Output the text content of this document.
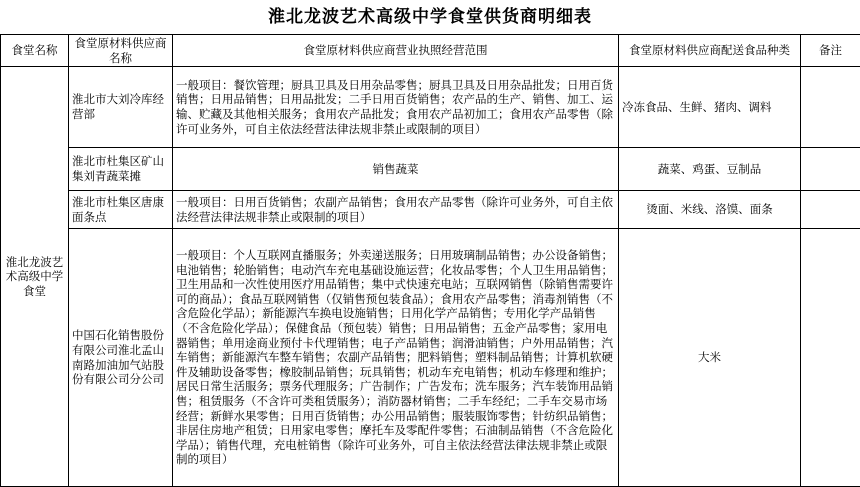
淮北龙波艺术高级中学食堂供货商明细表
食堂名称	食堂原材料供应商名称	食堂原材料供应商营业执照经营范围	食堂原材料供应商配送食品种类	备注
淮北龙波艺术高级中学食堂	淮北市大刘冷库经营部	一般项目：餐饮管理；厨具卫具及日用杂品零售；厨具卫具及日用杂品批发；日用百货销售；日用品销售；日用品批发；二手日用百货销售；农产品的生产、销售、加工、运输、贮藏及其他相关服务；食用农产品批发；食用农产品初加工；食用农产品零售（除许可业务外，可自主依法经营法律法规非禁止或限制的项目）	冷冻食品、生鲜、猪肉、调料	
	淮北市杜集区矿山集刘青蔬菜摊	销售蔬菜	蔬菜、鸡蛋、豆制品	
	淮北市杜集区唐康面条点	一般项目：日用百货销售；农副产品销售；食用农产品零售（除许可业务外，可自主依法经营法律法规非禁止或限制的项目）	烫面、米线、洛馍、面条	
	中国石化销售股份有限公司淮北孟山南路加油加气站股份有限公司分公司	一般项目：个人互联网直播服务；外卖递送服务；日用玻璃制品销售；办公设备销售；电池销售；轮胎销售；电动汽车充电基础设施运营；化妆品零售；个人卫生用品销售；卫生用品和一次性使用医疗用品销售；集中式快速充电站；互联网销售（除销售需要许可的商品）；食品互联网销售（仅销售预包装食品）；食用农产品零售；消毒剂销售（不含危险化学品）；新能源汽车换电设施销售；日用化学产品销售；专用化学产品销售（不含危险化学品）；保健食品（预包装）销售；日用品销售；五金产品零售；家用电器销售；单用途商业预付卡代理销售；电子产品销售；润滑油销售；户外用品销售；汽车销售；新能源汽车整车销售；农副产品销售；肥料销售；塑料制品销售；计算机软硬件及辅助设备零售；橡胶制品销售；玩具销售；机动车充电销售；机动车修理和维护；居民日常生活服务；票务代理服务；广告制作；广告发布；洗车服务；汽车装饰用品销售；租赁服务（不含许可类租赁服务）；消防器材销售；二手车经纪；二手车交易市场经营；新鲜水果零售；日用百货销售；办公用品销售；服装服饰零售；针纺织品销售；非居住房地产租赁；日用家电零售；摩托车及零配件零售；石油制品销售（不含危险化学品）；销售代理，充电桩销售（除许可业务外，可自主依法经营法律法规非禁止或限制的项目）	大米	
